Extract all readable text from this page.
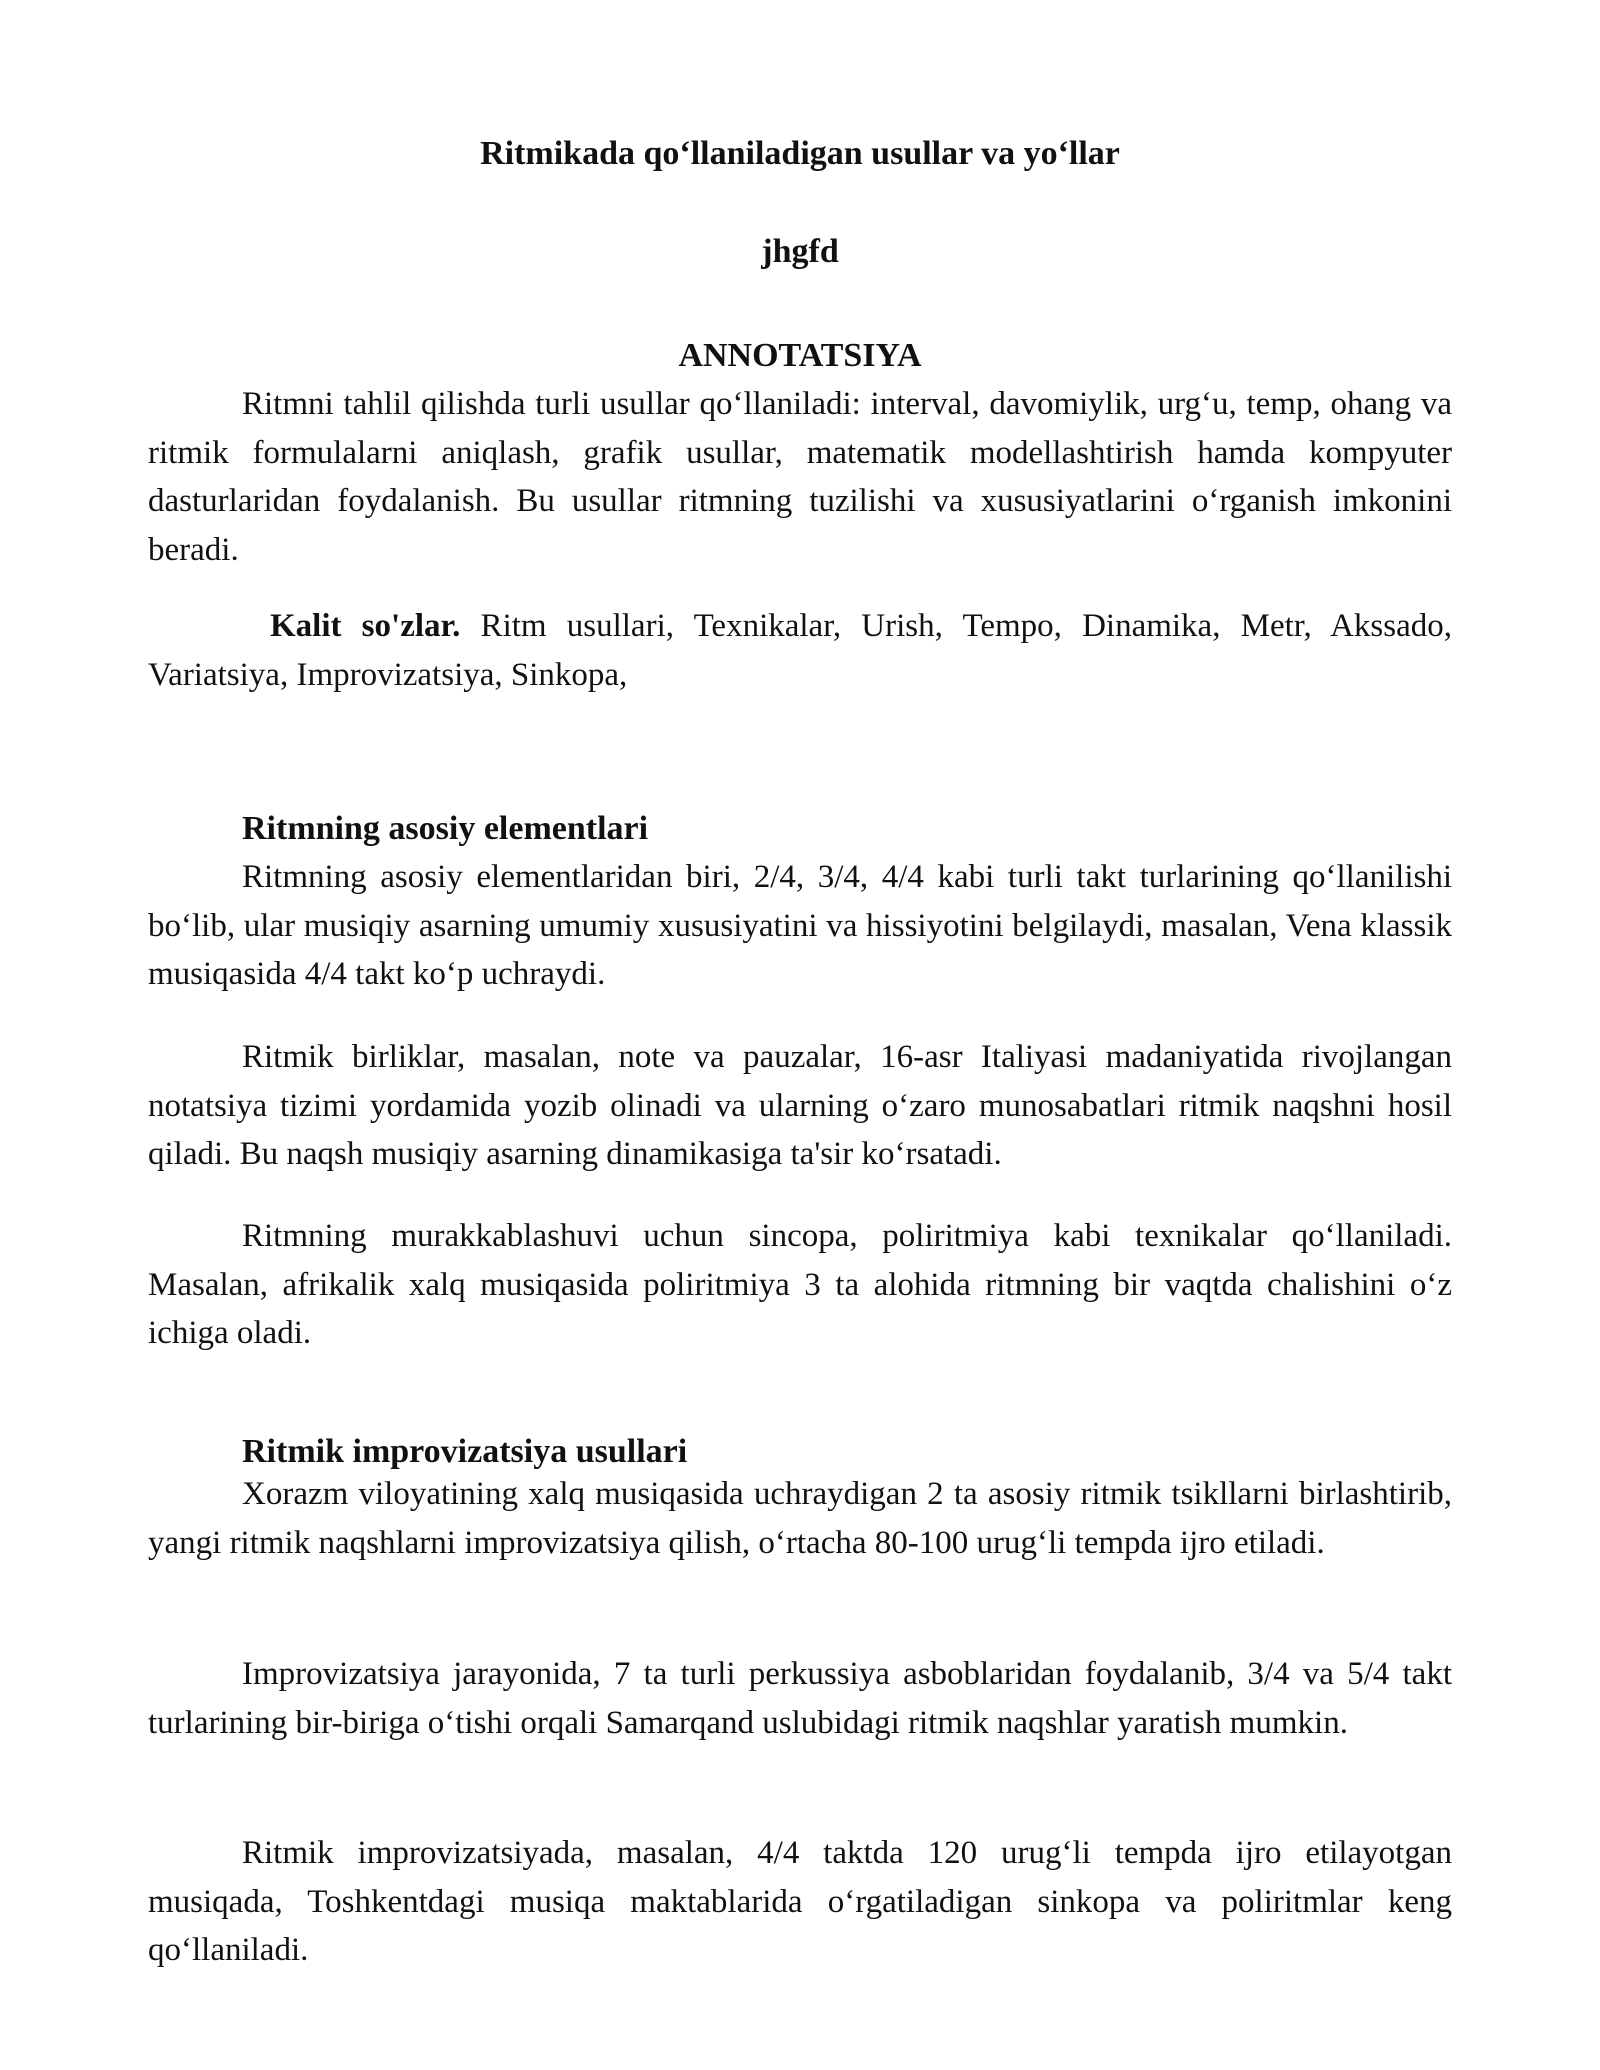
Ritmikada qo‘llaniladigan usullar va yo‘llar
jhgfd
ANNOTATSIYA

Ritmni tahlil qilishda turli usullar qo‘llaniladi: interval, davomiylik, urg‘u, temp, ohang va ritmik formulalarni aniqlash, grafik usullar, matematik modellashtirish hamda kompyuter dasturlaridan foydalanish. Bu usullar ritmning tuzilishi va xususiyatlarini o‘rganish imkonini beradi.

Kalit so'zlar. Ritm usullari, Texnikalar, Urish, Tempo, Dinamika, Metr, Akssado, Variatsiya, Improvizatsiya, Sinkopa,

Ritmning asosiy elementlari

Ritmning asosiy elementlaridan biri, 2/4, 3/4, 4/4 kabi turli takt turlarining qo‘llanilishi bo‘lib, ular musiqiy asarning umumiy xususiyatini va hissiyotini belgilaydi, masalan, Vena klassik musiqasida 4/4 takt ko‘p uchraydi.

Ritmik birliklar, masalan, note va pauzalar, 16-asr Italiyasi madaniyatida rivojlangan notatsiya tizimi yordamida yozib olinadi va ularning o‘zaro munosabatlari ritmik naqshni hosil qiladi. Bu naqsh musiqiy asarning dinamikasiga ta'sir ko‘rsatadi.

Ritmning murakkablashuvi uchun sincopa, poliritmiya kabi texnikalar qo‘llaniladi. Masalan, afrikalik xalq musiqasida poliritmiya 3 ta alohida ritmning bir vaqtda chalishini o‘z ichiga oladi.

Ritmik improvizatsiya usullari

Xorazm viloyatining xalq musiqasida uchraydigan 2 ta asosiy ritmik tsikllarni birlashtirib, yangi ritmik naqshlarni improvizatsiya qilish, o‘rtacha 80-100 urug‘li tempda ijro etiladi.

Improvizatsiya jarayonida, 7 ta turli perkussiya asboblaridan foydalanib, 3/4 va 5/4 takt turlarining bir-biriga o‘tishi orqali Samarqand uslubidagi ritmik naqshlar yaratish mumkin.

Ritmik improvizatsiyada, masalan, 4/4 taktda 120 urug‘li tempda ijro etilayotgan musiqada, Toshkentdagi musiqa maktablarida o‘rgatiladigan sinkopa va poliritmlar keng qo‘llaniladi.
